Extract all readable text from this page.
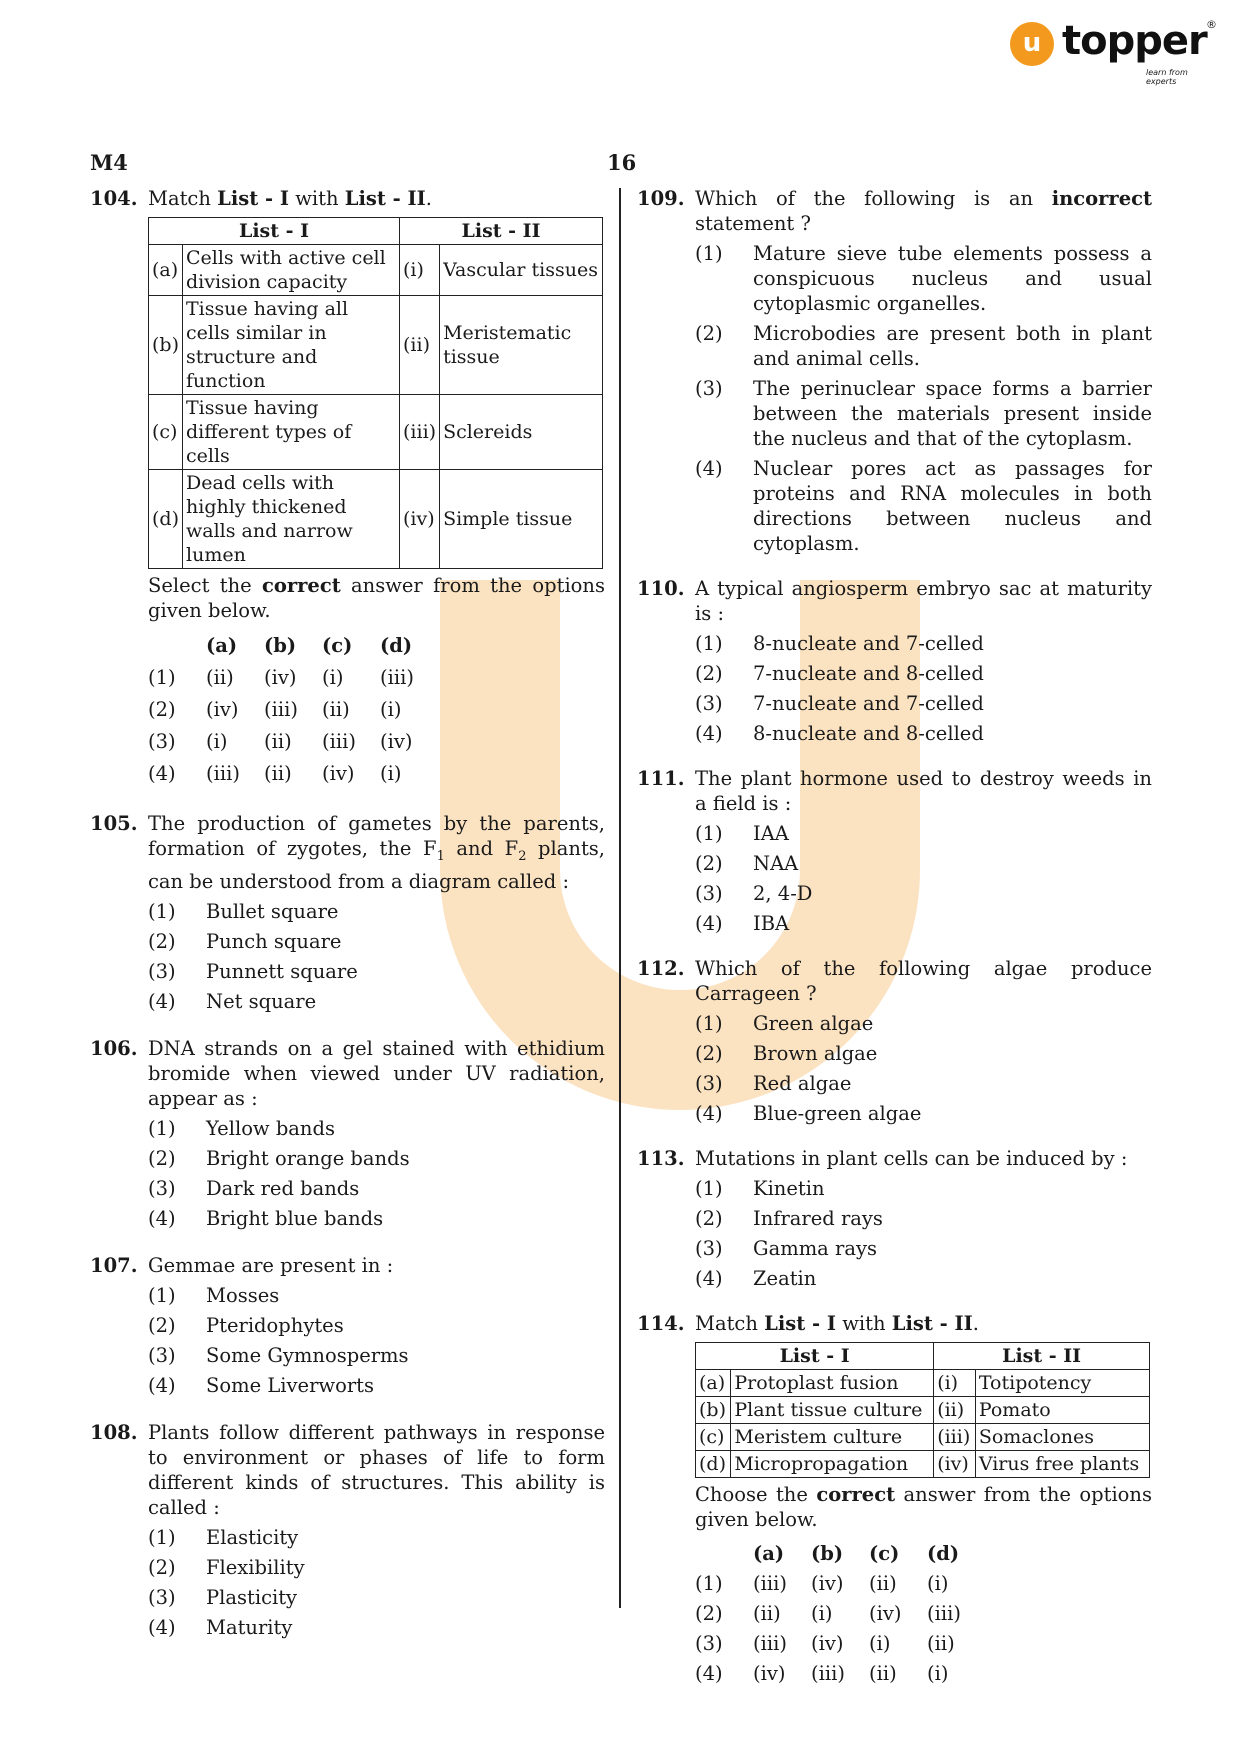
u topper ®
learn from experts
M4	16
104. Match List - I with List - II.
List - I		List - II	
(a)	Cells with active cell division capacity	(i)	Vascular tissues
(b)	Tissue having all cells similar in structure and function	(ii)	Meristematic tissue
(c)	Tissue having different types of cells	(iii)	Sclereids
(d)	Dead cells with highly thickened walls and narrow lumen	(iv)	Simple tissue
Select the correct answer from the options given below.
(a)	(b)	(c)	(d)
(1)	(ii)	(iv)	(i)	(iii)
(2)	(iv)	(iii)	(ii)	(i)
(3)	(i)	(ii)	(iii)	(iv)
(4)	(iii)	(ii)	(iv)	(i)
105. The production of gametes by the parents, formation of zygotes, the $F_1$ and $F_2$ plants, can be understood from a diagram called :
(1)	Bullet square
(2)	Punch square
(3)	Punnett square
(4)	Net square
106. DNA strands on a gel stained with ethidium bromide when viewed under UV radiation, appear as :
(1)	Yellow bands
(2)	Bright orange bands
(3)	Dark red bands
(4)	Bright blue bands
107. Gemmae are present in :
(1)	Mosses
(2)	Pteridophytes
(3)	Some Gymnosperms
(4)	Some Liverworts
108. Plants follow different pathways in response to environment or phases of life to form different kinds of structures. This ability is called :
(1)	Elasticity
(2)	Flexibility
(3)	Plasticity
(4)	Maturity
109. Which of the following is an incorrect statement ?
(1)	Mature sieve tube elements possess a conspicuous nucleus and usual cytoplasmic organelles.
(2)	Microbodies are present both in plant and animal cells.
(3)	The perinuclear space forms a barrier between the materials present inside the nucleus and that of the cytoplasm.
(4)	Nuclear pores act as passages for proteins and RNA molecules in both directions between nucleus and cytoplasm.
110. A typical angiosperm embryo sac at maturity is :
(1)	8-nucleate and 7-celled
(2)	7-nucleate and 8-celled
(3)	7-nucleate and 7-celled
(4)	8-nucleate and 8-celled
111. The plant hormone used to destroy weeds in a field is :
(1)	IAA
(2)	NAA
(3)	2, 4-D
(4)	IBA
112. Which of the following algae produce Carrageen ?
(1)	Green algae
(2)	Brown algae
(3)	Red algae
(4)	Blue-green algae
113. Mutations in plant cells can be induced by :
(1)	Kinetin
(2)	Infrared rays
(3)	Gamma rays
(4)	Zeatin
114. Match List - I with List - II.
List - I		List - II	
(a)	Protoplast fusion	(i)	Totipotency
(b)	Plant tissue culture	(ii)	Pomato
(c)	Meristem culture	(iii)	Somaclones
(d)	Micropropagation	(iv)	Virus free plants
Choose the correct answer from the options given below.
(a)	(b)	(c)	(d)
(1)	(iii)	(iv)	(ii)	(i)
(2)	(ii)	(i)	(iv)	(iii)
(3)	(iii)	(iv)	(i)	(ii)
(4)	(iv)	(iii)	(ii)	(i)
